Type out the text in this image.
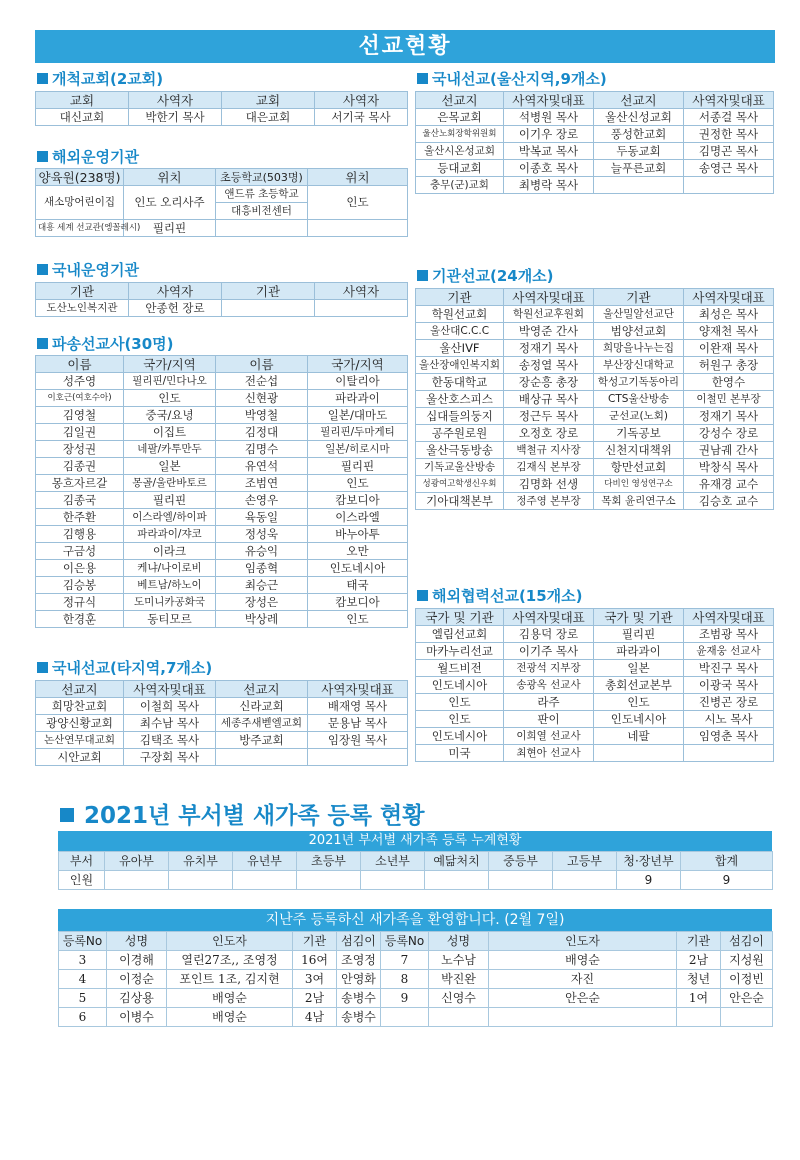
선교현황
개척교회(2교회)
교회	사역자	교회	사역자
대신교회	박한기 목사	대은교회	서기국 목사
해외운영기관
양육원(238명)	위치	초등학교(503명)	위치
새소망어린이집	인도 오리사주	앤드류 초등학교	인도
		대흥비전센터	
대흥 세계 선교관(엥꼴레시)	필리핀		
국내운영기관
기관	사역자	기관	사역자
도산노인복지관	안종헌 장로		
파송선교사(30명)
이름	국가/지역	이름	국가/지역
성주영	필리핀/민다나오	전순섭	이탈리아
이호근(여호수아)	인도	신현광	파라과이
김영철	중국/요녕	박영철	일본/대마도
김일권	이집트	김정대	필리핀/두마게티
장성권	네팔/카투만두	김명수	일본/히로시마
김종권	일본	유연석	필리핀
몽흐자르갈	몽골/울란바토르	조범연	인도
김종국	필리핀	손영우	캄보디아
한주환	이스라엘/하이파	육동일	이스라엘
김행용	파라과이/쟈코	정성욱	바누아투
구금성	이라크	유승익	오만
이은용	케냐/나이로비	임종혁	인도네시아
김승봉	베트남/하노이	최승근	태국
정규식	도미니카공화국	장성은	캄보디아
한경훈	동티모르	박상레	인도
국내선교(타지역,7개소)
선교지	사역자및대표	선교지	사역자및대표
희망찬교회	이철희 목사	신라교회	배재영 목사
광양신황교회	최수남 목사	세종주새벧엘교회	문용남 목사
논산연무대교회	김택조 목사	방주교회	임장원 목사
시안교회	구장회 목사		
국내선교(울산지역,9개소)
선교지	사역자및대표	선교지	사역자및대표
은목교회	석병원 목사	울산신성교회	서종걸 목사
울산노회장학위원회	이기우 장로	풍성한교회	권정한 목사
울산시온성교회	박복교 목사	두동교회	김명곤 목사
등대교회	이종호 목사	늘푸른교회	송영근 목사
충무(군)교회	최병락 목사		
기관선교(24개소)
기관	사역자및대표	기관	사역자및대표
학원선교회	학원선교후원회	울산밀알선교단	최성은 목사
울산대C.C.C	박영준 간사	범양선교회	양재천 목사
울산IVF	정재기 목사	희망을나누는집	이완재 목사
울산장애인복지회	송정열 목사	부산장신대학교	허원구 총장
한동대학교	장순흥 총장	학성고기독동아리	한영수
울산호스피스	배상규 목사	CTS울산방송	이철민 본부장
십대들의둥지	정근두 목사	군선교(노회)	정재기 목사
공주원로원	오정호 장로	기독공보	강성수 장로
울산극동방송	백철규 지사장	신천지대책위	권남궤 간사
기독교울산방송	김재식 본부장	항만선교회	박창식 목사
성광여고학생신우회	김명화 선생	다비인 영성연구소	유재경 교수
기아대책본부	정주영 본부장	목회 윤리연구소	김승호 교수
해외협력선교(15개소)
국가 및 기관	사역자및대표	국가 및 기관	사역자및대표
엘림선교회	김용덕 장로	필리핀	조범광 목사
마카누리선교	이기주 목사	파라과이	윤재웅 선교사
월드비전	전광석 지부장	일본	박진구 목사
인도네시아	송광옥 선교사	총회선교본부	이광국 목사
인도	라주	인도	진병곤 장로
인도	판이	인도네시아	시노 목사
인도네시아	이희열 선교사	네팔	임영춘 목사
미국	최현아 선교사		
2021년 부서별 새가족 등록 현황
2021년 부서별 새가족 등록 누계현황
부서	유아부	유치부	유년부	초등부	소년부	예닮처치	중등부	고등부	청·장년부	합계
인원									9	9
지난주 등록하신 새가족을 환영합니다. (2월 7일)
등록No	성명	인도자	기관	섬김이	등록No	성명	인도자	기관	섬김이
3	이경해	열린27조,, 조영정	16여	조영정	7	노수남	배영순	2남	지성원
4	이정순	포인트 1조, 김지현	3여	안영화	8	박진완	자진	청년	이정빈
5	김상용	배영순	2남	송병수	9	신영수	안은순	1여	안은순
6	이병수	배영순	4남	송병수					
